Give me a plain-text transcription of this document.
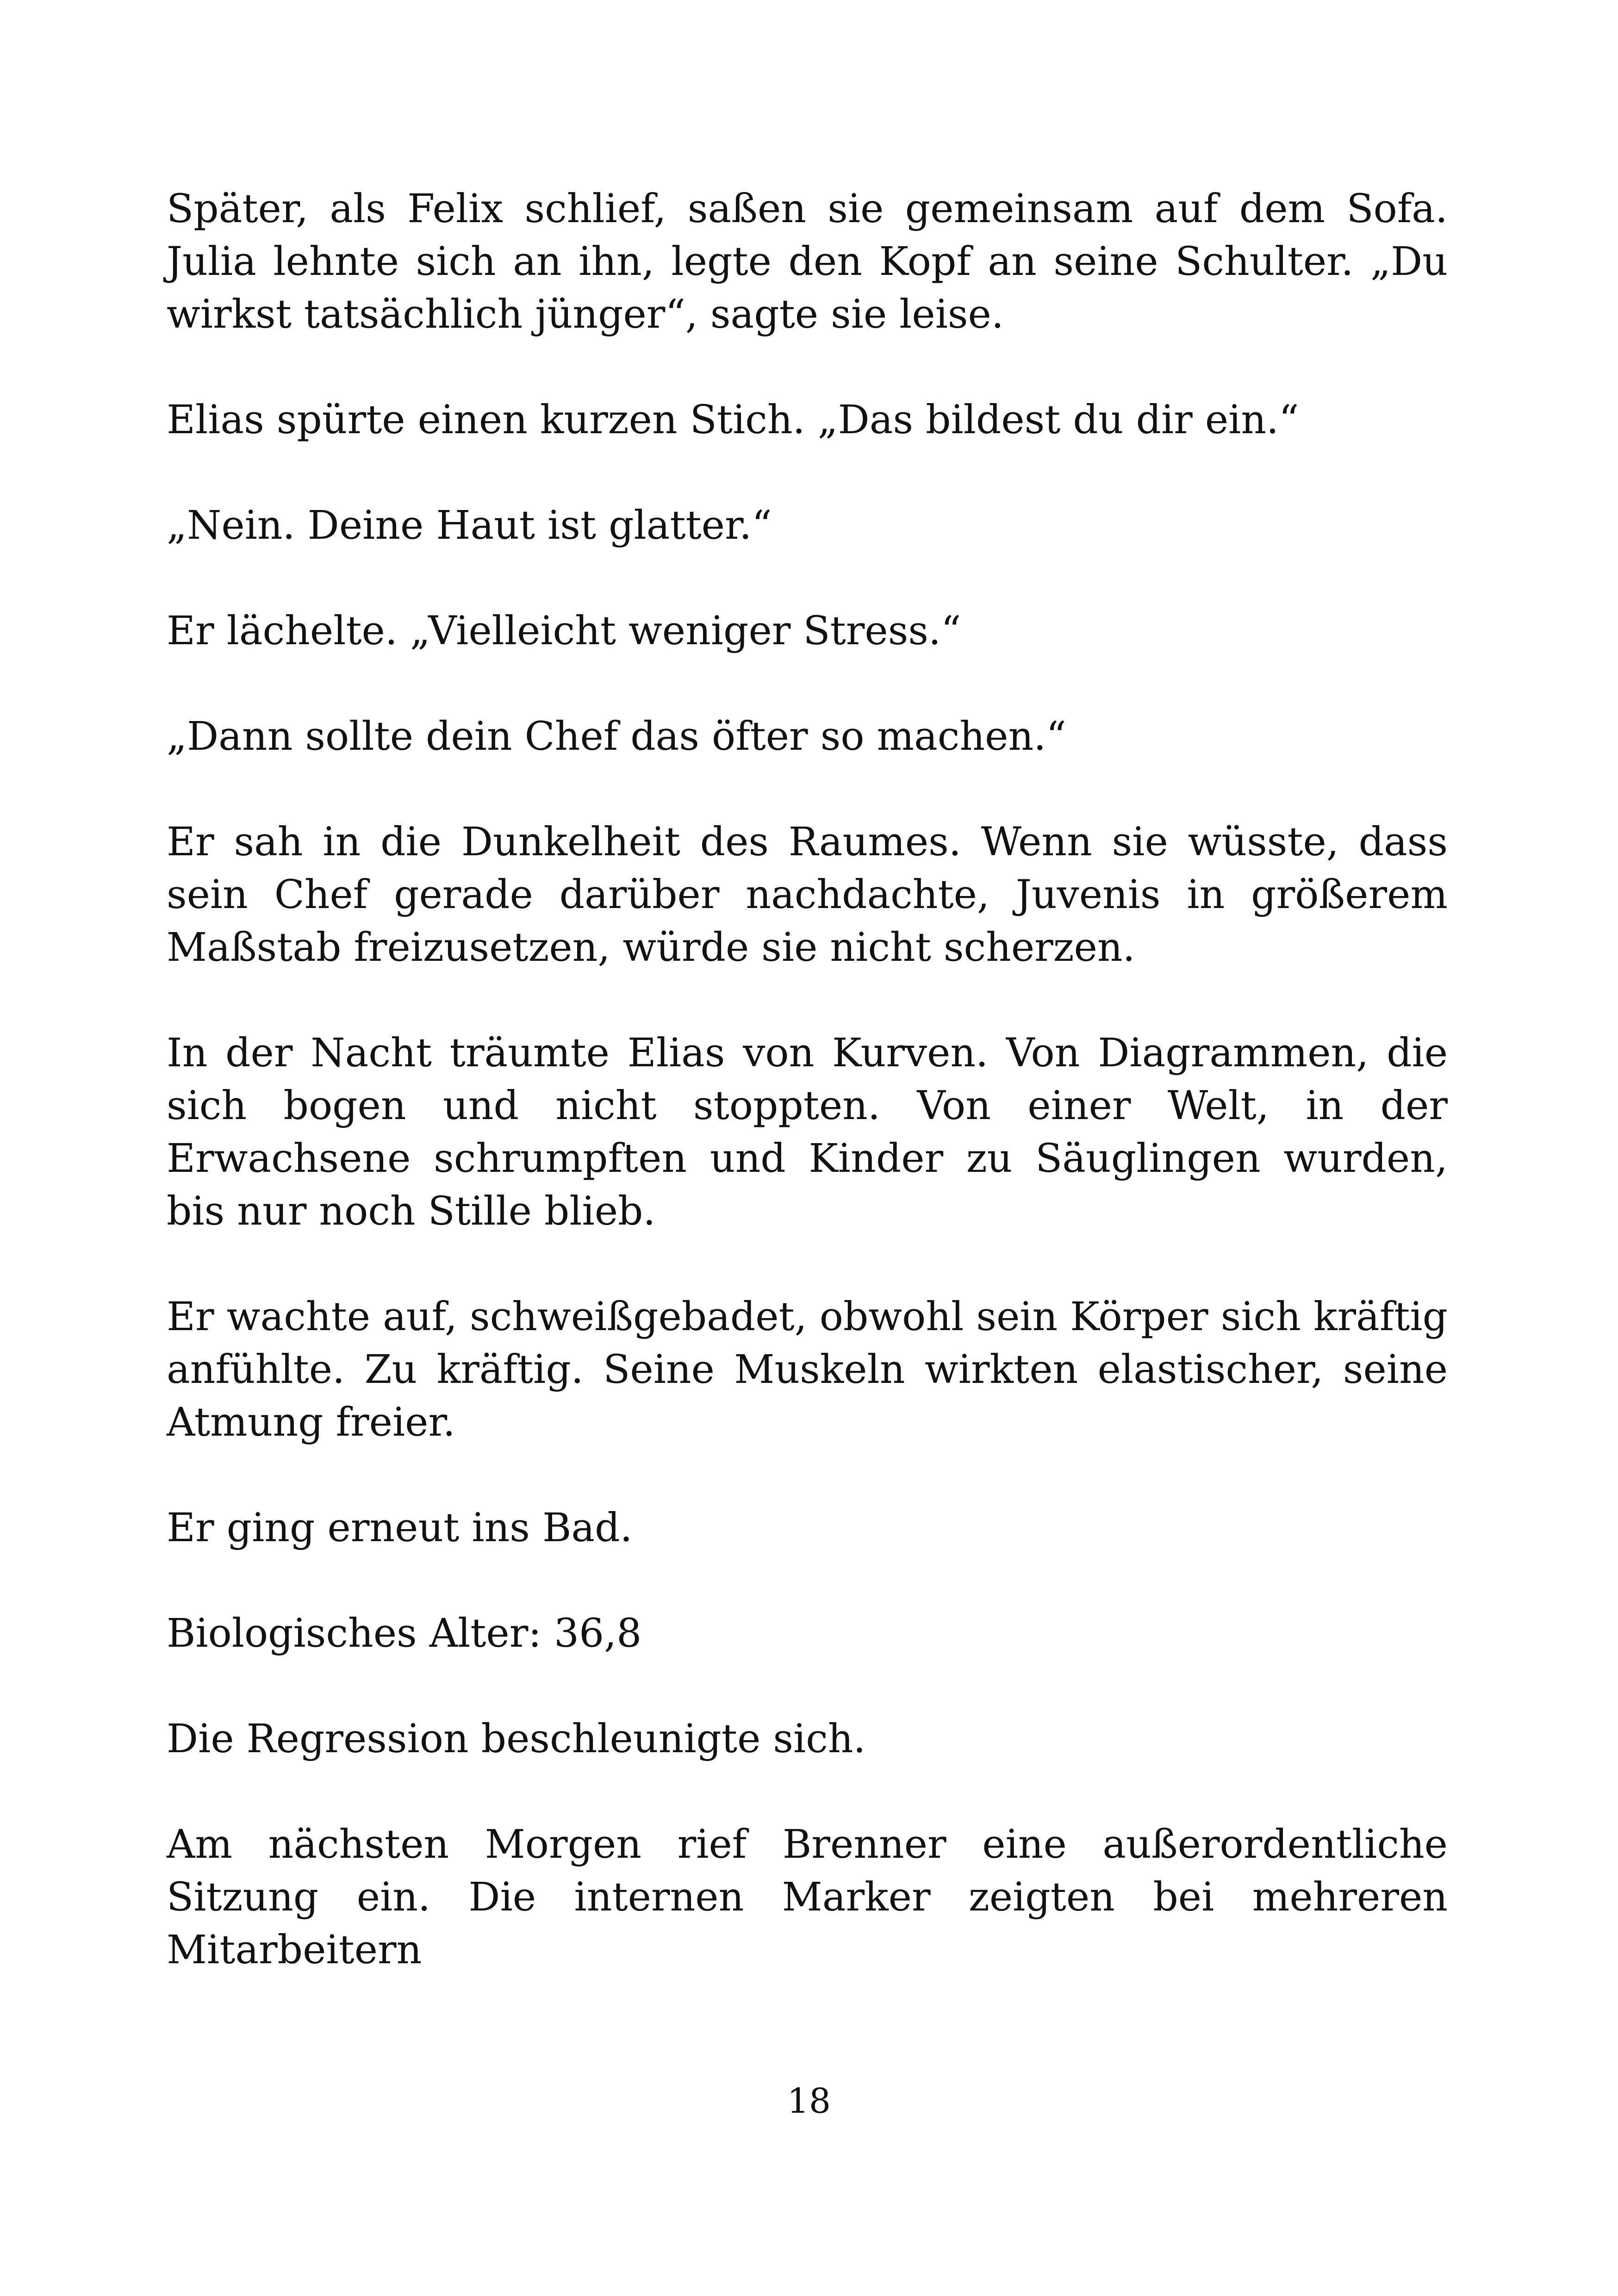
Später, als Felix schlief, saßen sie gemeinsam auf dem Sofa. Julia lehnte sich an ihn, legte den Kopf an seine Schulter. „Du wirkst tatsächlich jünger“, sagte sie leise.

Elias spürte einen kurzen Stich. „Das bildest du dir ein.“

„Nein. Deine Haut ist glatter.“

Er lächelte. „Vielleicht weniger Stress.“

„Dann sollte dein Chef das öfter so machen.“

Er sah in die Dunkelheit des Raumes. Wenn sie wüsste, dass sein Chef gerade darüber nachdachte, Juvenis in größerem Maßstab freizusetzen, würde sie nicht scherzen.

In der Nacht träumte Elias von Kurven. Von Diagrammen, die sich bogen und nicht stoppten. Von einer Welt, in der Erwachsene schrumpften und Kinder zu Säuglingen wurden, bis nur noch Stille blieb.

Er wachte auf, schweißgebadet, obwohl sein Körper sich kräftig anfühlte. Zu kräftig. Seine Muskeln wirkten elastischer, seine Atmung freier.

Er ging erneut ins Bad.

Biologisches Alter: 36,8

Die Regression beschleunigte sich.

Am nächsten Morgen rief Brenner eine außerordentliche Sitzung ein. Die internen Marker zeigten bei mehreren Mitarbeitern

18
